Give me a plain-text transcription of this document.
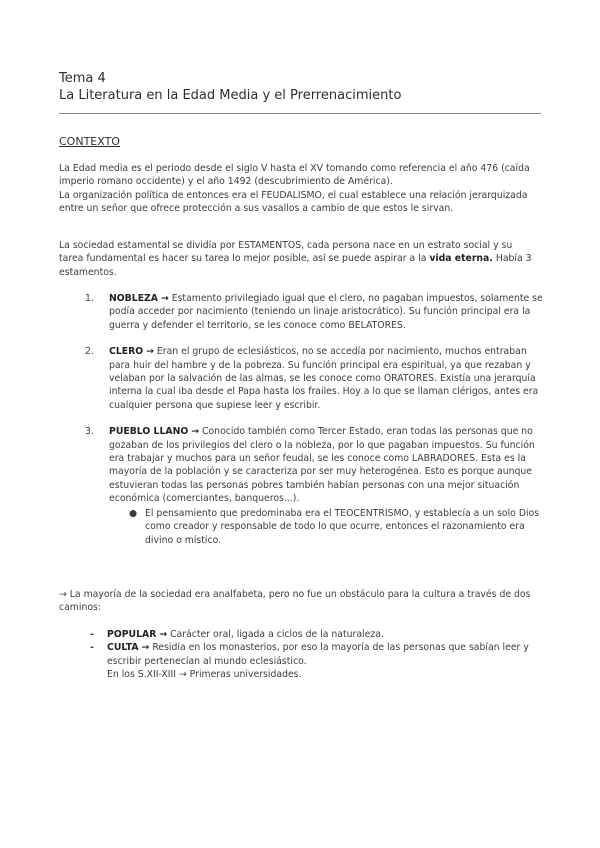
Tema 4
La Literatura en la Edad Media y el Prerrenacimiento
CONTEXTO

La Edad media es el periodo desde el siglo V hasta el XV tomando como referencia el año 476 (caída imperio romano occidente) y el año 1492 (descubrimiento de América).

La organización política de entonces era el FEUDALISMO, el cual establece una relación jerarquizada entre un señor que ofrece protección a sus vasallos a cambio de que estos le sirvan.

La sociedad estamental se dividía por ESTAMENTOS, cada persona nace en un estrato social y su tarea fundamental es hacer su tarea lo mejor posible, así se puede aspirar a la vida eterna. Había 3 estamentos.

1. NOBLEZA → Estamento privilegiado igual que el clero, no pagaban impuestos, solamente se podía acceder por nacimiento (teniendo un linaje aristocrático). Su función principal era la guerra y defender el territorio, se les conoce como BELATORES.
2. CLERO → Eran el grupo de eclesiásticos, no se accedía por nacimiento, muchos entraban para huir del hambre y de la pobreza. Su función principal era espiritual, ya que rezaban y velaban por la salvación de las almas, se les conoce como ORATORES. Existía una jerarquía interna la cual iba desde el Papa hasta los frailes. Hoy a lo que se llaman clérigos, antes era cualquier persona que supiese leer y escribir.
3. PUEBLO LLANO → Conocido también como Tercer Estado, eran todas las personas que no gozaban de los privilegios del clero o la nobleza, por lo que pagaban impuestos. Su función era trabajar y muchos para un señor feudal, se les conoce como LABRADORES. Esta es la mayoría de la población y se caracteriza por ser muy heterogénea. Esto es porque aunque estuvieran todas las personas pobres también habían personas con una mejor situación económica (comerciantes, banqueros...).
● El pensamiento que predominaba era el TEOCENTRISMO, y establecía a un solo Dios como creador y responsable de todo lo que ocurre, entonces el razonamiento era divino o místico.

→ La mayoría de la sociedad era analfabeta, pero no fue un obstáculo para la cultura a través de dos caminos:

- POPULAR → Carácter oral, ligada a ciclos de la naturaleza.
- CULTA → Residía en los monasterios, por eso la mayoría de las personas que sabían leer y escribir pertenecían al mundo eclesiástico.
En los S.XII-XIII → Primeras universidades.
